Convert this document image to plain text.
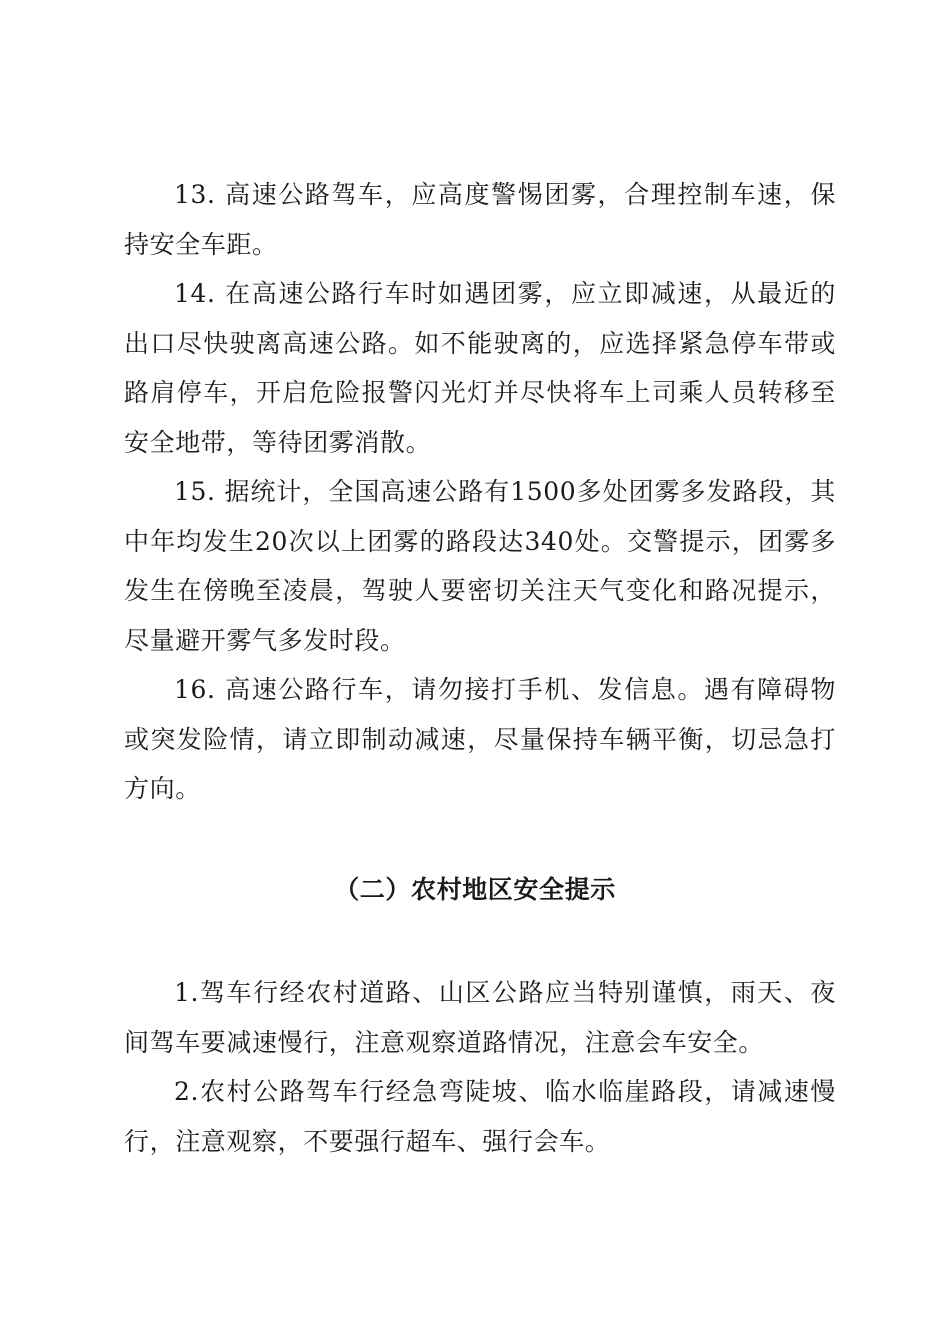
13. 高速公路驾车，应高度警惕团雾，合理控制车速，保持安全车距。

14. 在高速公路行车时如遇团雾，应立即减速，从最近的出口尽快驶离高速公路。如不能驶离的，应选择紧急停车带或路肩停车，开启危险报警闪光灯并尽快将车上司乘人员转移至安全地带，等待团雾消散。

15. 据统计，全国高速公路有1500多处团雾多发路段，其中年均发生20次以上团雾的路段达340处。交警提示，团雾多发生在傍晚至凌晨，驾驶人要密切关注天气变化和路况提示，尽量避开雾气多发时段。

16. 高速公路行车，请勿接打手机、发信息。遇有障碍物或突发险情，请立即制动减速，尽量保持车辆平衡，切忌急打方向。

（二）农村地区安全提示

1.驾车行经农村道路、山区公路应当特别谨慎，雨天、夜间驾车要减速慢行，注意观察道路情况，注意会车安全。

2.农村公路驾车行经急弯陡坡、临水临崖路段，请减速慢行，注意观察，不要强行超车、强行会车。
